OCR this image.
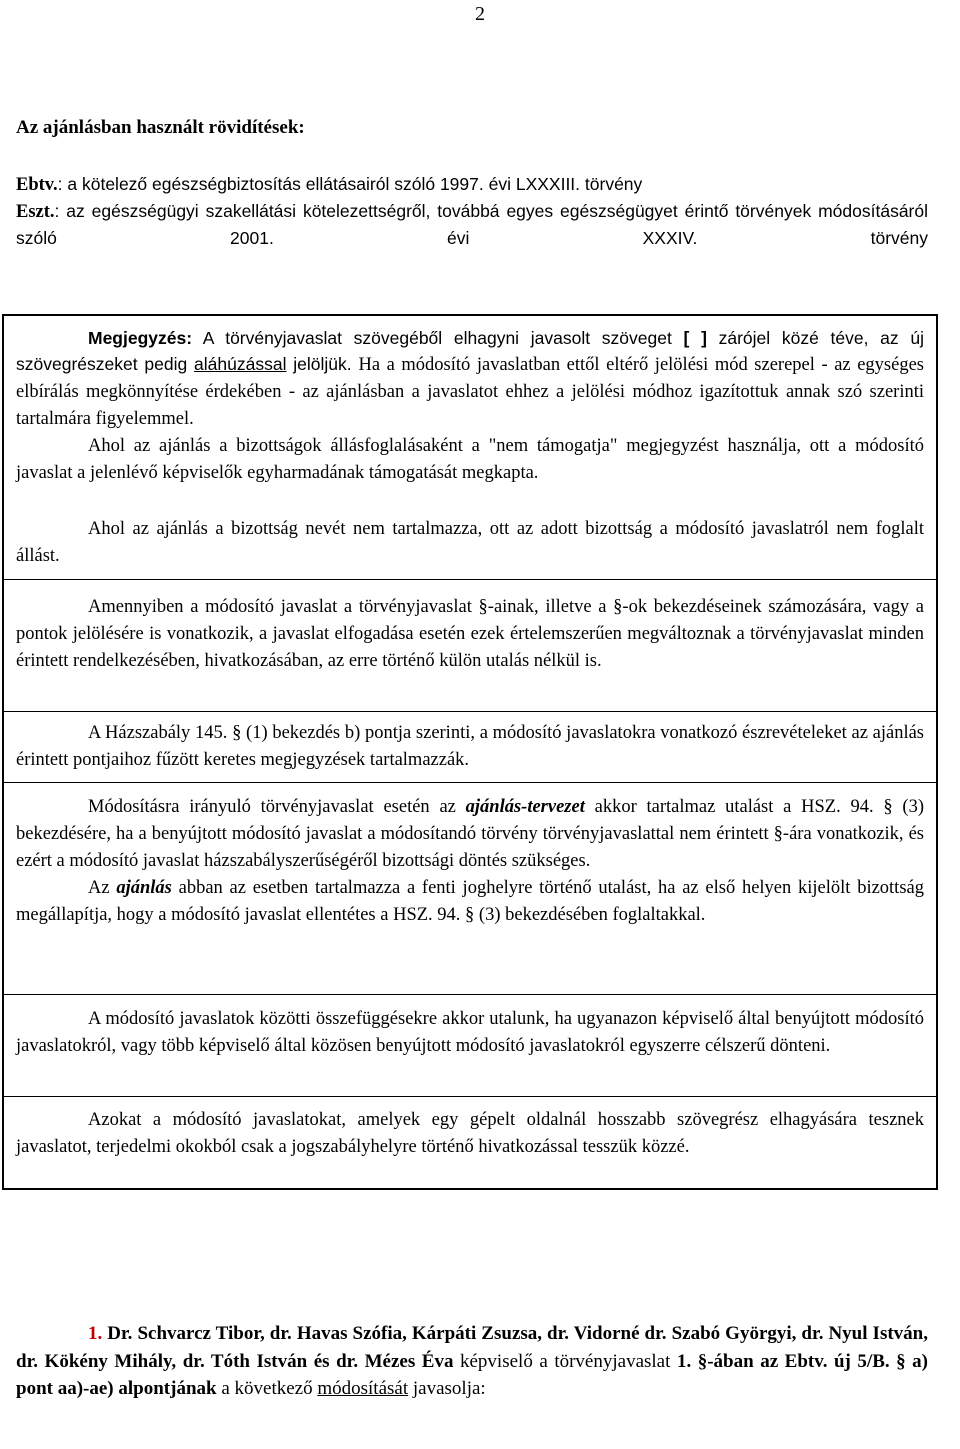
2
Az ajánlásban használt rövidítések:

Ebtv.: a kötelező egészségbiztosítás ellátásairól szóló 1997. évi LXXXIII. törvény

Eszt.: az egészségügyi szakellátási kötelezettségről, továbbá egyes egészségügyet érintő törvények módosításáról szóló 2001. évi XXXIV. törvény

Megjegyzés: A törvényjavaslat szövegéből elhagyni javasolt szöveget [ ] zárójel közé téve, az új szövegrészeket pedig aláhúzással jelöljük. Ha a módosító javaslatban ettől eltérő jelölési mód szerepel - az egységes elbírálás megkönnyítése érdekében - az ajánlásban a javaslatot ehhez a jelölési módhoz igazítottuk annak szó szerinti tartalmára figyelemmel.

Ahol az ajánlás a bizottságok állásfoglalásaként a "nem támogatja" megjegyzést használja, ott a módosító javaslat a jelenlévő képviselők egyharmadának támogatását megkapta.

Ahol az ajánlás a bizottság nevét nem tartalmazza, ott az adott bizottság a módosító javaslatról nem foglalt állást.

Amennyiben a módosító javaslat a törvényjavaslat §-ainak, illetve a §-ok bekezdéseinek számozására, vagy a pontok jelölésére is vonatkozik, a javaslat elfogadása esetén ezek értelemszerűen megváltoznak a törvényjavaslat minden érintett rendelkezésében, hivatkozásában, az erre történő külön utalás nélkül is.

A Házszabály 145. § (1) bekezdés b) pontja szerinti, a módosító javaslatokra vonatkozó észrevételeket az ajánlás érintett pontjaihoz fűzött keretes megjegyzések tartalmazzák.

Módosításra irányuló törvényjavaslat esetén az ajánlás-tervezet akkor tartalmaz utalást a HSZ. 94. § (3) bekezdésére, ha a benyújtott módosító javaslat a módosítandó törvény törvényjavaslattal nem érintett §-ára vonatkozik, és ezért a módosító javaslat házszabályszerűségéről bizottsági döntés szükséges.

Az ajánlás abban az esetben tartalmazza a fenti joghelyre történő utalást, ha az első helyen kijelölt bizottság megállapítja, hogy a módosító javaslat ellentétes a HSZ. 94. § (3) bekezdésében foglaltakkal.

A módosító javaslatok közötti összefüggésekre akkor utalunk, ha ugyanazon képviselő által benyújtott módosító javaslatokról, vagy több képviselő által közösen benyújtott módosító javaslatokról egyszerre célszerű dönteni.

Azokat a módosító javaslatokat, amelyek egy gépelt oldalnál hosszabb szövegrész elhagyására tesznek javaslatot, terjedelmi okokból csak a jogszabályhelyre történő hivatkozással tesszük közzé.

1. Dr. Schvarcz Tibor, dr. Havas Szófia, Kárpáti Zsuzsa, dr. Vidorné dr. Szabó Györgyi, dr. Nyul István, dr. Kökény Mihály, dr. Tóth István és dr. Mézes Éva képviselő a törvényjavaslat 1. §-ában az Ebtv. új 5/B. § a) pont aa)-ae) alpontjának a következő módosítását javasolja:
